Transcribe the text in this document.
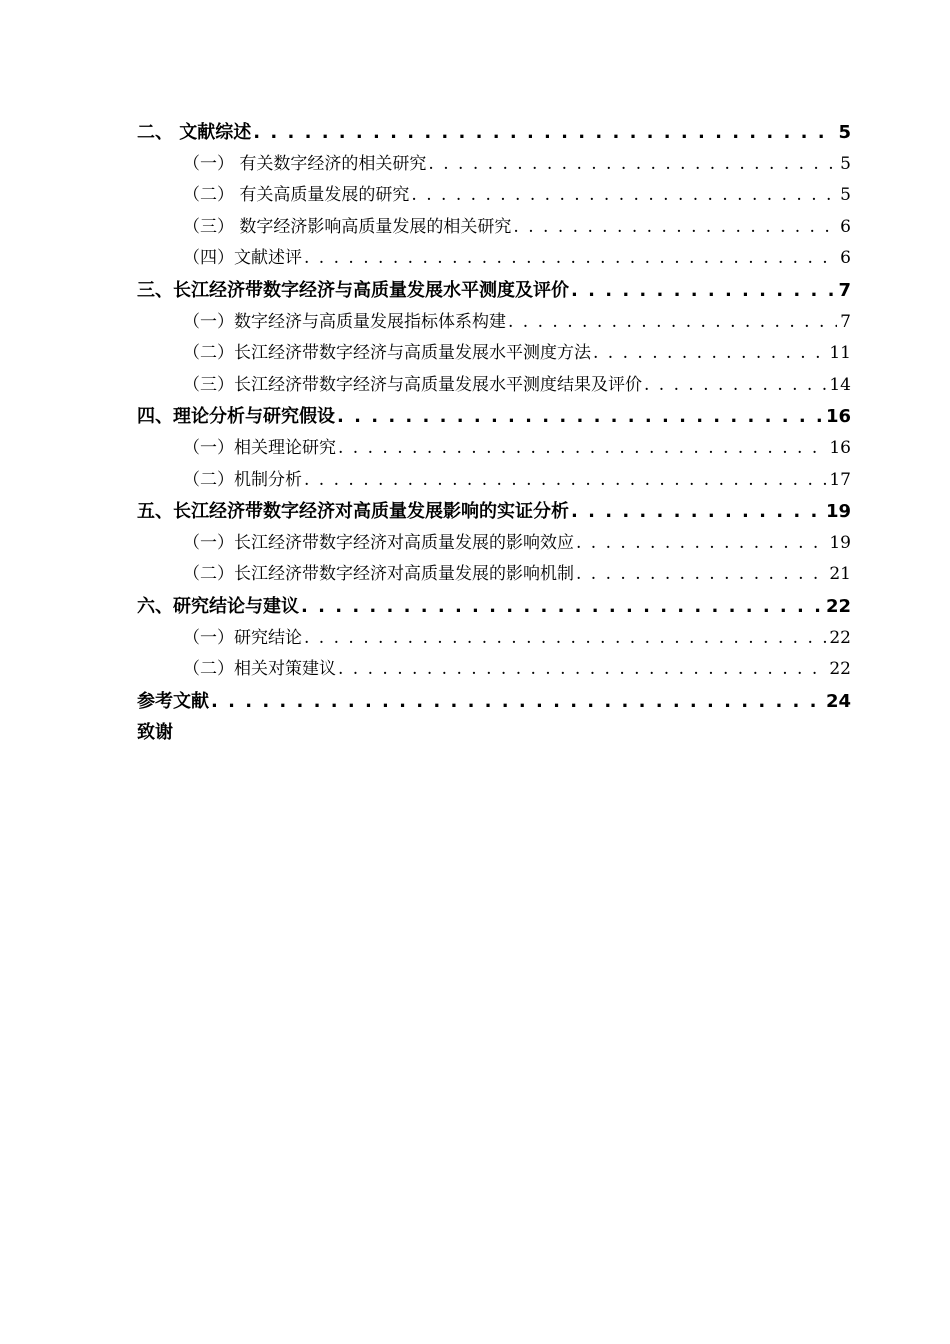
二、 文献综述 . . .	5
（一） 有关数字经济的相关研究 . . .	5
（二） 有关高质量发展的研究 . . .	5
（三） 数字经济影响高质量发展的相关研究 . . .	6
（四）文献述评 . . .	6
三、长江经济带数字经济与高质量发展水平测度及评价 . . .	7
（一）数字经济与高质量发展指标体系构建 . . .	7
（二）长江经济带数字经济与高质量发展水平测度方法 . . .	11
（三）长江经济带数字经济与高质量发展水平测度结果及评价 . . .	14
四、理论分析与研究假设 . . .	16
（一）相关理论研究 . . .	16
（二）机制分析 . . .	17
五、长江经济带数字经济对高质量发展影响的实证分析 . . .	19
（一）长江经济带数字经济对高质量发展的影响效应 . . .	19
（二）长江经济带数字经济对高质量发展的影响机制 . . .	21
六、研究结论与建议 . . .	22
（一）研究结论 . . .	22
（二）相关对策建议 . . .	22
参考文献 . . .	24
致谢
